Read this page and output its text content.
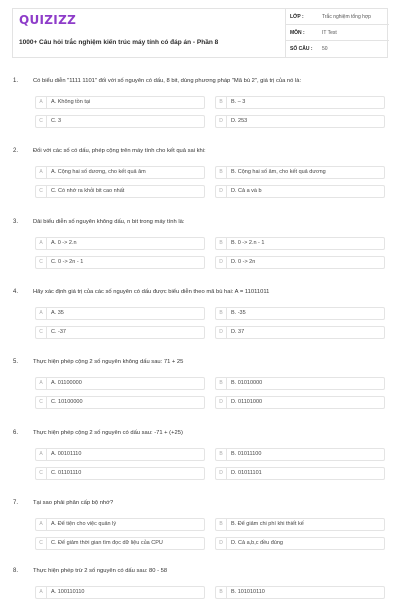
QUIZIZZ
1000+ Câu hỏi trắc nghiệm kiến trúc máy tính có đáp án - Phần 8
LỚP :	Trắc nghiệm tổng hợp
MÔN :	IT Test
SỐ CÂU : 50
1.	Có biểu diễn "1111 1101" đối với số nguyên có dấu, 8 bit, dùng phương pháp "Mã bù 2", giá trị của nó là:
A	A. Không tồn tại	B	B. – 3
C	C. 3	D	D. 253
2.	Đối với các số có dấu, phép cộng trên máy tính cho kết quả sai khi:
A	A. Cộng hai số dương, cho kết quả âm	B	B. Cộng hai số âm, cho kết quả dương
C	C. Có nhớ ra khỏi bit cao nhất	D	D. Cả a và b
3.	Dải biểu diễn số nguyên không dấu, n bit trong máy tính là:
A	A. 0 -> 2.n	B	B. 0 -> 2.n - 1
C	C. 0 -> 2n - 1	D	D. 0 -> 2n
4.	Hãy xác định giá trị của các số nguyên có dấu được biểu diễn theo mã bù hai: A = 11011011
A	A. 35	B	B. -35
C	C. -37	D	D. 37
5.	Thực hiện phép cộng 2 số nguyên không dấu sau: 71 + 25
A	A. 01100000	B	B. 01010000
C	C. 10100000	D	D. 01101000
6.	Thực hiện phép cộng 2 số nguyên có dấu sau: -71 + (+25)
A	A. 00101110	B	B. 01011100
C	C. 01101110	D	D. 01011101
7.	Tại sao phải phân cấp bộ nhớ?
A	A. Để tiện cho việc quản lý	B	B. Để giảm chi phí khi thiết kế
C	C. Để giảm thời gian tìm đọc dữ liệu của CPU	D	D. Cả a,b,c đều đúng
8.	Thực hiện phép trừ 2 số nguyên có dấu sau: 80 - 58
A	A. 100110110	B	B. 101010110
